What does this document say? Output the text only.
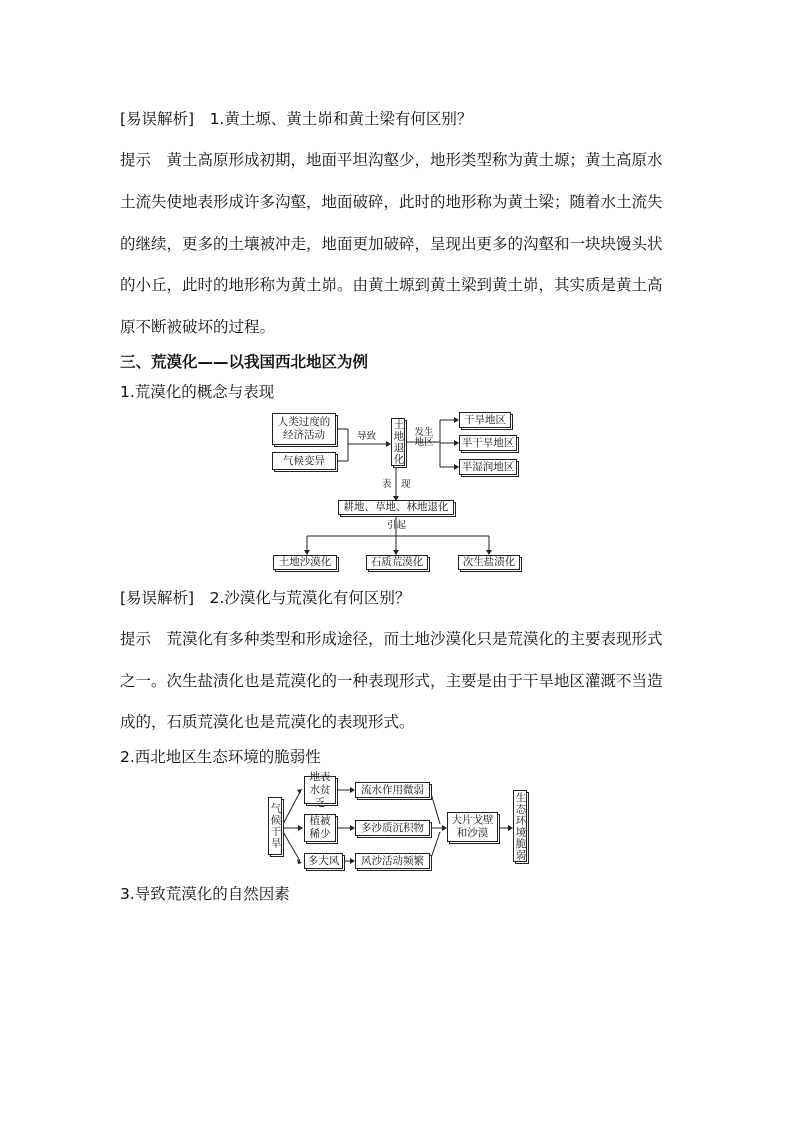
[易误解析]　 1.黄土塬、黄土峁和黄土梁有何区别？
提示　黄土高原形成初期，地面平坦沟壑少，地形类型称为黄土塬；黄土高原水
土流失使地表形成许多沟壑，地面破碎，此时的地形称为黄土梁；随着水土流失
的继续，更多的土壤被冲走，地面更加破碎，呈现出更多的沟壑和一块块馒头状
的小丘，此时的地形称为黄土峁。由黄土塬到黄土梁到黄土峁，其实质是黄土高
原不断被破坏的过程。
三、荒漠化——以我国西北地区为例
1.荒漠化的概念与表现
人类过度的经济活动
气候变异
导致 土地退化 发生地区
干旱地区
半干旱地区
半湿润地区
表　现
耕地、草地、林地退化
引起
土地沙漠化	石质荒漠化	次生盐渍化
[易误解析]　 2.沙漠化与荒漠化有何区别？
提示　荒漠化有多种类型和形成途径，而土地沙漠化只是荒漠化的主要表现形式
之一。次生盐渍化也是荒漠化的一种表现形式，主要是由于干旱地区灌溉不当造
成的，石质荒漠化也是荒漠化的表现形式。
2.西北地区生态环境的脆弱性
气候干旱
地表水贫乏
植被稀少
多大风
流水作用微弱
多沙质沉积物
风沙活动频繁
大片戈壁和沙漠	生态环境脆弱
3.导致荒漠化的自然因素
